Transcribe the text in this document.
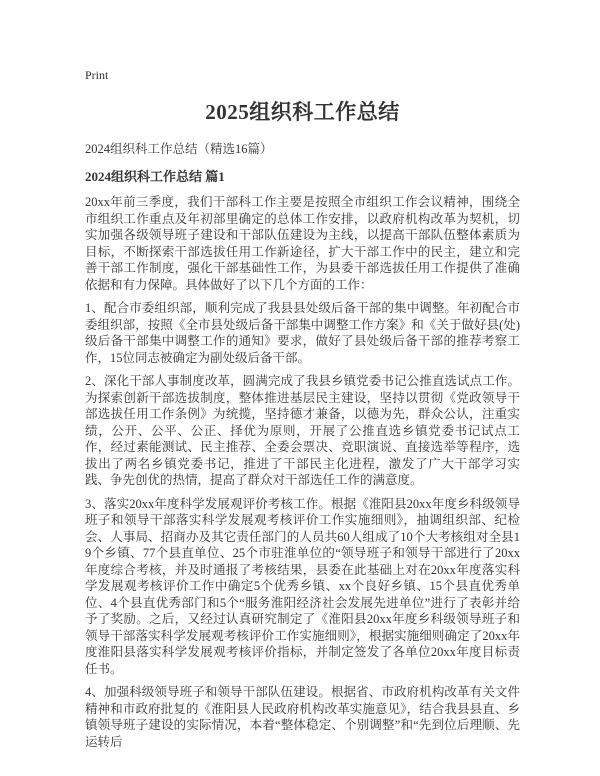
Print
2025组织科工作总结
2024组织科工作总结（精选16篇）
2024组织科工作总结 篇1

20xx年前三季度，我们干部科工作主要是按照全市组织工作会议精神，围绕全市组织工作重点及年初部里确定的总体工作安排，以政府机构改革为契机，切实加强各级领导班子建设和干部队伍建设为主线，以提高干部队伍整体素质为目标，不断探索干部选拔任用工作新途径，扩大干部工作中的民主，建立和完善干部工作制度，强化干部基础性工作，为县委干部选拔任用工作提供了准确依据和有力保障。具体做好了以下几个方面的工作：

1、配合市委组织部，顺利完成了我县县处级后备干部的集中调整。年初配合市委组织部，按照《全市县处级后备干部集中调整工作方案》和《关于做好县(处)级后备干部集中调整工作的通知》要求，做好了县处级后备干部的推荐考察工作，15位同志被确定为副处级后备干部。

2、深化干部人事制度改革，圆满完成了我县乡镇党委书记公推直选试点工作。为探索创新干部选拔制度，整体推进基层民主建设，坚持以贯彻《党政领导干部选拔任用工作条例》为统揽，坚持德才兼备，以德为先，群众公认，注重实绩，公开、公平、公正、择优为原则，开展了公推直选乡镇党委书记试点工作，经过素能测试、民主推荐、全委会票决、竞职演说、直接选举等程序，选拔出了两名乡镇党委书记，推进了干部民主化进程，激发了广大干部学习实践、争先创优的热情，提高了群众对干部选任工作的满意度。

3、落实20xx年度科学发展观评价考核工作。根据《淮阳县20xx年度乡科级领导班子和领导干部落实科学发展观考核评价工作实施细则》，抽调组织部、纪检会、人事局、招商办及其它责任部门的人员共60人组成了10个大考核组对全县19个乡镇、77个县直单位、25个市驻淮单位的“领导班子和领导干部进行了20xx年度综合考核，并及时通报了考核结果，县委在此基础上对在20xx年度落实科学发展观考核评价工作中确定5个优秀乡镇、xx个良好乡镇、15个县直优秀单位、4个县直优秀部门和5个“服务淮阳经济社会发展先进单位”进行了表彰并给予了奖励。之后，又经过认真研究制定了《淮阳县20xx年度乡科级领导班子和领导干部落实科学发展观考核评价工作实施细则》，根据实施细则确定了20xx年度淮阳县落实科学发展观考核评价指标，并制定签发了各单位20xx年度目标责任书。

4、加强科级领导班子和领导干部队伍建设。根据省、市政府机构改革有关文件精神和市政府批复的《淮阳县人民政府机构改革实施意见》，结合我县县直、乡镇领导班子建设的实际情况，本着“整体稳定、个别调整”和“先到位后理顺、先运转后
